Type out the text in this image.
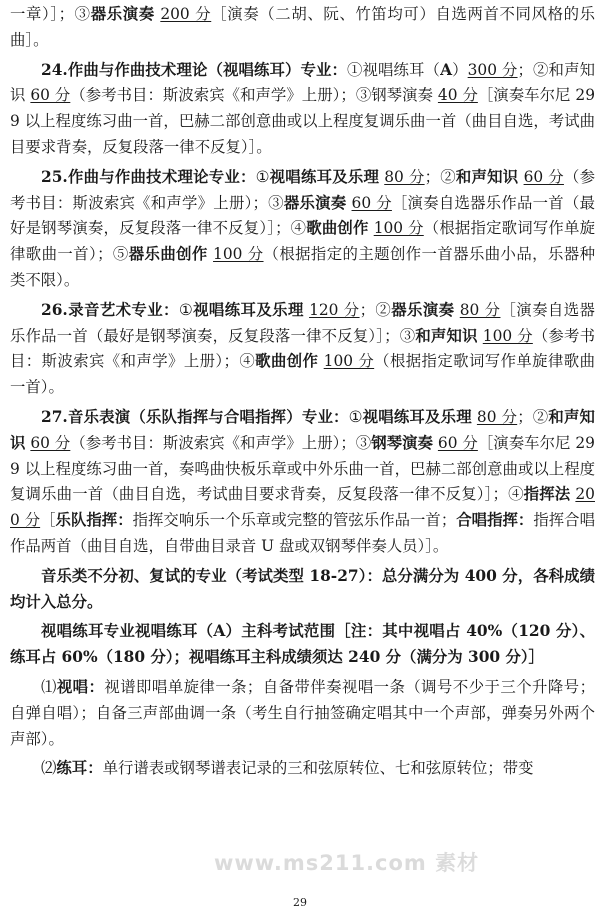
一章）］；③器乐演奏 200 分［演奏（二胡、阮、竹笛均可）自选两首不同风格的乐曲］。

24.作曲与作曲技术理论（视唱练耳）专业：①视唱练耳（A）300 分；②和声知识 60 分（参考书目：斯波索宾《和声学》上册）；③钢琴演奏 40 分［演奏车尔尼 299 以上程度练习曲一首，巴赫二部创意曲或以上程度复调乐曲一首（曲目自选，考试曲目要求背奏，反复段落一律不反复）］。

25.作曲与作曲技术理论专业：①视唱练耳及乐理 80 分；②和声知识 60 分（参考书目：斯波索宾《和声学》上册）；③器乐演奏 60 分［演奏自选器乐作品一首（最好是钢琴演奏，反复段落一律不反复）］；④歌曲创作 100 分（根据指定歌词写作单旋律歌曲一首）；⑤器乐曲创作 100 分（根据指定的主题创作一首器乐曲小品，乐器种类不限）。

26.录音艺术专业：①视唱练耳及乐理 120 分；②器乐演奏 80 分［演奏自选器乐作品一首（最好是钢琴演奏，反复段落一律不反复）］；③和声知识 100 分（参考书目：斯波索宾《和声学》上册）；④歌曲创作 100 分（根据指定歌词写作单旋律歌曲一首）。

27.音乐表演（乐队指挥与合唱指挥）专业：①视唱练耳及乐理 80 分；②和声知识 60 分（参考书目：斯波索宾《和声学》上册）；③钢琴演奏 60 分［演奏车尔尼 299 以上程度练习曲一首，奏鸣曲快板乐章或中外乐曲一首，巴赫二部创意曲或以上程度复调乐曲一首（曲目自选，考试曲目要求背奏，反复段落一律不反复）］；④指挥法 200 分［乐队指挥：指挥交响乐一个乐章或完整的管弦乐作品一首；合唱指挥：指挥合唱作品两首（曲目自选，自带曲目录音 U 盘或双钢琴伴奏人员）］。

音乐类不分初、复试的专业（考试类型 18-27）：总分满分为 400 分，各科成绩均计入总分。

视唱练耳专业视唱练耳（A）主科考试范围［注：其中视唱占 40%（120 分）、练耳占 60%（180 分）；视唱练耳主科成绩须达 240 分（满分为 300 分）］

⑴视唱：视谱即唱单旋律一条；自备带伴奏视唱一条（调号不少于三个升降号；自弹自唱）；自备三声部曲调一条（考生自行抽签确定唱其中一个声部，弹奏另外两个声部）。

⑵练耳：单行谱表或钢琴谱表记录的三和弦原转位、七和弦原转位；带变

www.ms211.com 素材
29
